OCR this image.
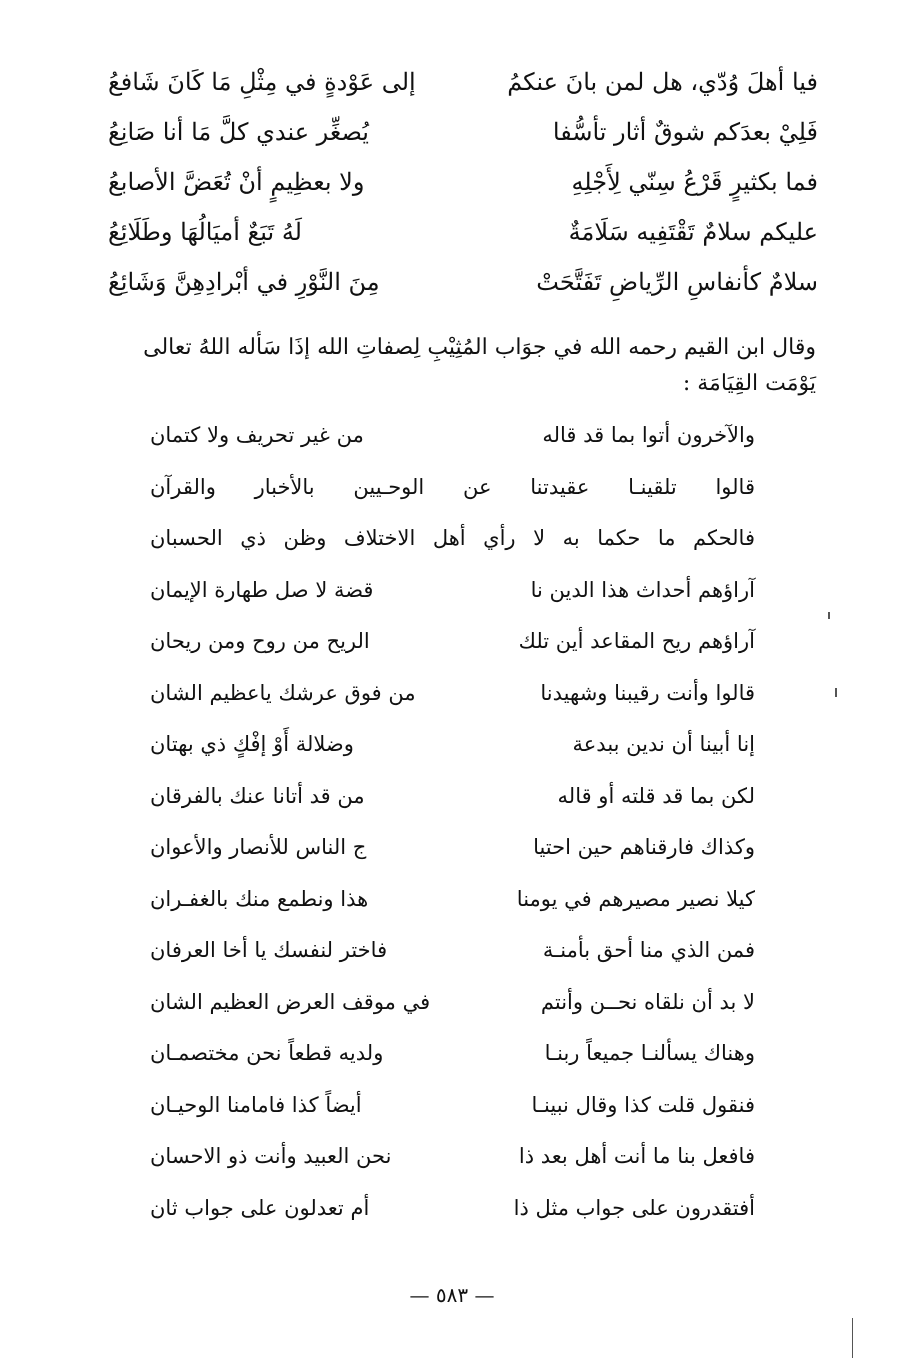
فيا أهلَ وُدّي، هل لمن بانَ عنكمُ
إلى عَوْدةٍ في مِثْلِ مَا كَانَ شَافعُ
فَلِيْ بعدَكم شوقٌ أثار تأسُّفا
يُصغِّر عندي كلَّ مَا أنا صَانِعُ
فما بكثيرٍ قَرْعُ سِنّي لِأَجْلِهِ
ولا بعظِيمٍ أنْ تُعَضَّ الأصابعُ
عليكم سلامٌ تَقْتَفِيه سَلَامَةٌ
لَهُ تَبَعٌ أميَالُهَا وطَلَائِعُ
سلامٌ كأنفاسِ الرِّياضِ تَفَتَّحَتْ
مِنَ النَّوْرِ في أبْرادِهِنَّ وَشَائِعُ
وقال ابن القيم رحمه الله في جوَاب المُثِيْبِ لِصفاتِ الله إذَا سَأله اللهُ تعالى يَوْمَت القِيَامَة :
والآخرون أتوا بما قد قاله
من غير تحريف ولا كتمان
قالوا تلقينـا عقيدتنا عن الوحـيين بالأخبار والقرآن
فالحكم ما حكما به لا رأي أهل الاختلاف وظن ذي الحسبان
آراؤهم أحداث هذا الدين نا
قضة لا صل طهارة الإيمان
آراؤهم ريح المقاعد أين تلك
الريح من روح ومن ريحان
قالوا وأنت رقيبنا وشهيدنا
من فوق عرشك ياعظيم الشان
إنا أبينا أن ندين ببدعة
وضلالة أَوْ إفْكٍ ذي بهتان
لكن بما قد قلته أو قاله
من قد أتانا عنك بالفرقان
وكذاك فارقناهم حين احتيا
ج الناس للأنصار والأعوان
كيلا نصير مصيرهم في يومنا
هذا ونطمع منك بالغفـران
فمن الذي منا أحق بأمنـة
فاختر لنفسك يا أخا العرفان
لا بد أن نلقاه نحــن وأنتم
في موقف العرض العظيم الشان
وهناك يسألنـا جميعاً ربنـا
ولديه قطعاً نحن مختصمـان
فنقول قلت كذا وقال نبينـا
أيضاً كذا فامامنا الوحيـان
فافعل بنا ما أنت أهل بعد ذا
نحن العبيد وأنت ذو الاحسان
أفتقدرون على جواب مثل ذا
أم تعدلون على جواب ثان
— ٥٨٣ —
